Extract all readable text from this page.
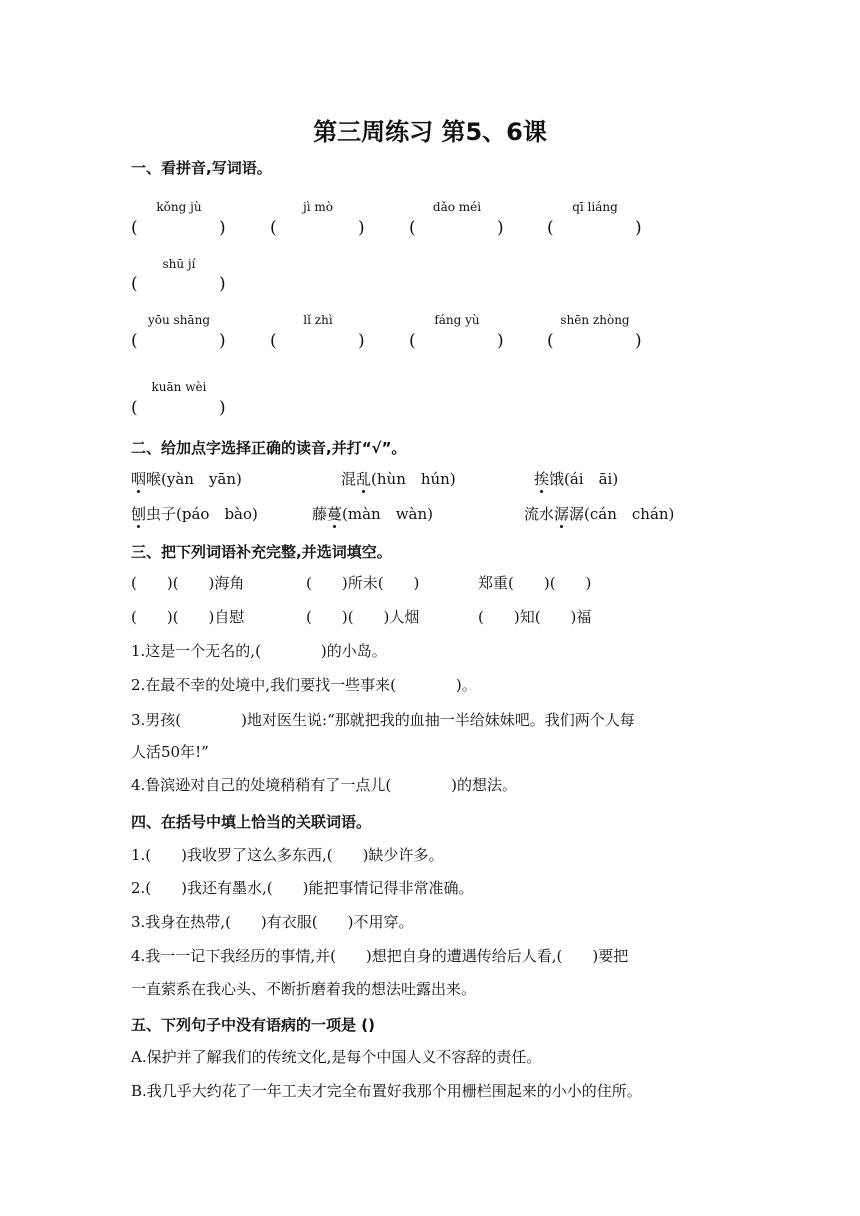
第三周练习 第5、6课
一、看拼音,写词语。
kǒng jù
(	)
jì mò
(	)
dǎo méi
(	)
qī liáng
(	)
shū jí
(	)
yōu shāng
(	)
lǐ zhì
(	)
fáng yù
(	)
shēn zhòng
(	)
kuān wèi
(	)
二、给加点字选择正确的读音,并打“√”。
咽喉(yàn　yān)	混乱(hùn　hún)	挨饿(ái　āi)
刨虫子(páo　bào)	藤蔓(màn　wàn)	流水潺潺(cán　chán)
三、把下列词语补充完整,并选词填空。
(　　)(　　)海角	(　　)所未(　　)	郑重(　　)(　　)
(　　)(　　)自慰	(　　)(　　)人烟	(　　)知(　　)福
1.这是一个无名的,(　　　　)的小岛。
2.在最不幸的处境中,我们要找一些事来(　　　　)。
3.男孩(　　　　)地对医生说:“那就把我的血抽一半给妹妹吧。我们两个人每
人活50年!”
4.鲁滨逊对自己的处境稍稍有了一点儿(　　　　)的想法。
四、在括号中填上恰当的关联词语。
1.(　　)我收罗了这么多东西,(　　)缺少许多。
2.(　　)我还有墨水,(　　)能把事情记得非常准确。
3.我身在热带,(　　)有衣服(　　)不用穿。
4.我一一记下我经历的事情,并(　　)想把自身的遭遇传给后人看,(　　)要把
一直萦系在我心头、不断折磨着我的想法吐露出来。
五、下列句子中没有语病的一项是 ()
A.保护并了解我们的传统文化,是每个中国人义不容辞的责任。
B.我几乎大约花了一年工夫才完全布置好我那个用栅栏围起来的小小的住所。
